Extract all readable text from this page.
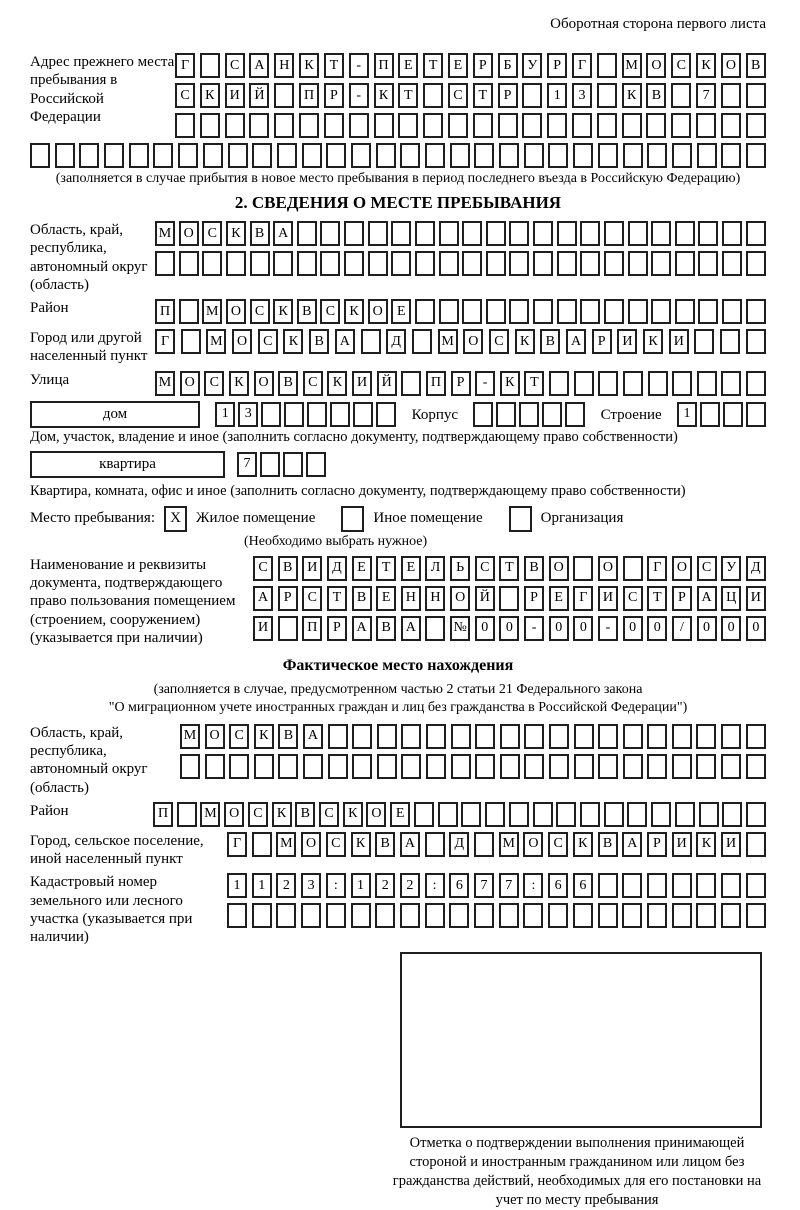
Оборотная сторона первого листа
Адрес прежнего места пребывания в Российской Федерации
Г	С	А	Н	К	Т	-	П	Е	Т	Е	Р	Б	У	Р	Г	М О	С	К	О	В
С	К	И	Й	П	Р	-	К	Т	С	Т	Р	1	3	К	В	7
(заполняется в случае прибытия в новое место пребывания в период последнего въезда в Российскую Федерацию)
2. СВЕДЕНИЯ О МЕСТЕ ПРЕБЫВАНИЯ
Область, край, республика, автономный округ (область)
М О С	К	В А
Район	П	М О С	К	В	С	К О	Е
Город или другой населенный пункт
Г	М	О	С	К	В	А	Д	М	О	С	К	В	А	Р	И	К	И
Улица	М О	С	К	О	В	С	К	И	Й	П	Р	-	К	Т
дом	1	3	Корпус	Строение	1
Дом, участок, владение и иное (заполнить согласно документу, подтверждающему право собственности)
квартира	7
Квартира, комната, офис и иное (заполнить согласно документу, подтверждающему право собственности)
Место пребывания:	X	Жилое помещение	Иное помещение	Организация
(Необходимо выбрать нужное)
Наименование и реквизиты документа, подтверждающего право пользования помещением (строением, сооружением) (указывается при наличии)
С	В	И	Д	Е	Т	Е	Л	Ь	С	Т	В	О	О	Г	О	С	У	Д
А	Р	С	Т	В	Е	Н	Н	О	Й	Р	Е	Г	И	С	Т	Р	А	Ц	И
И	П	Р	А	В	А	№	0	0	-	0	0	-	0	0	/	0	0	0
Фактическое место нахождения
(заполняется в случае, предусмотренном частью 2 статьи 21 Федерального закона
"О миграционном учете иностранных граждан и лиц без гражданства в Российской Федерации")
Область, край, республика, автономный округ (область)
М О	С	К	В	А
Район	П	М О С	К	В	С	К О	Е
Город, сельское поселение, иной населенный пункт
Г	М О	С	К	В	А	Д	М О	С	К	В	А	Р	И	К	И
Кадастровый номер земельного или лесного участка (указывается при наличии)
1	1	2	3	:	1	2	2	:	6	7	7	:	6	6
Отметка о подтверждении выполнения принимающей стороной и иностранным гражданином или лицом без гражданства действий, необходимых для его постановки на учет по месту пребывания
